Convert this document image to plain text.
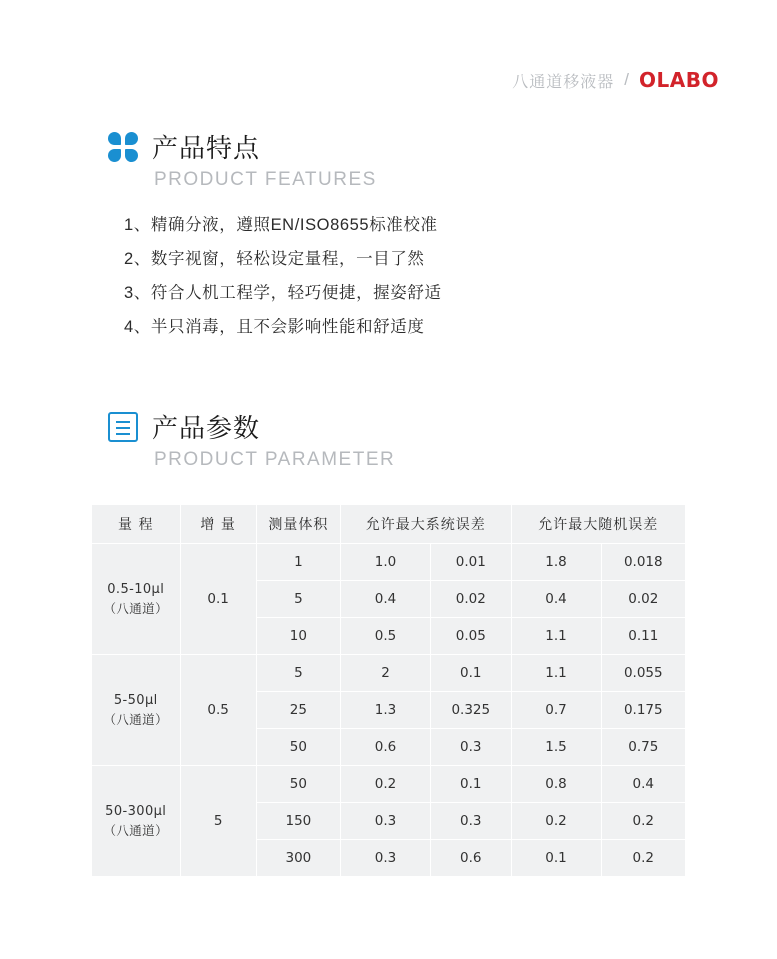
八通道移液器 / OLABO
产品特点
PRODUCT FEATURES
1、精确分液，遵照EN/ISO8655标准校准
2、数字视窗，轻松设定量程，一目了然
3、符合人机工程学，轻巧便捷，握姿舒适
4、半只消毒，且不会影响性能和舒适度
产品参数
PRODUCT PARAMETER
量 程	增 量	测量体积	允许最大系统误差		允许最大随机误差	
0.5-10μl
（八通道）	0.1	1	1.0	0.01	1.8	0.018
		5	0.4	0.02	0.4	0.02
		10	0.5	0.05	1.1	0.11
5-50μl
（八通道）	0.5	5	2	0.1	1.1	0.055
		25	1.3	0.325	0.7	0.175
		50	0.6	0.3	1.5	0.75
50-300μl
（八通道）	5	50	0.2	0.1	0.8	0.4
		150	0.3	0.3	0.2	0.2
		300	0.3	0.6	0.1	0.2
